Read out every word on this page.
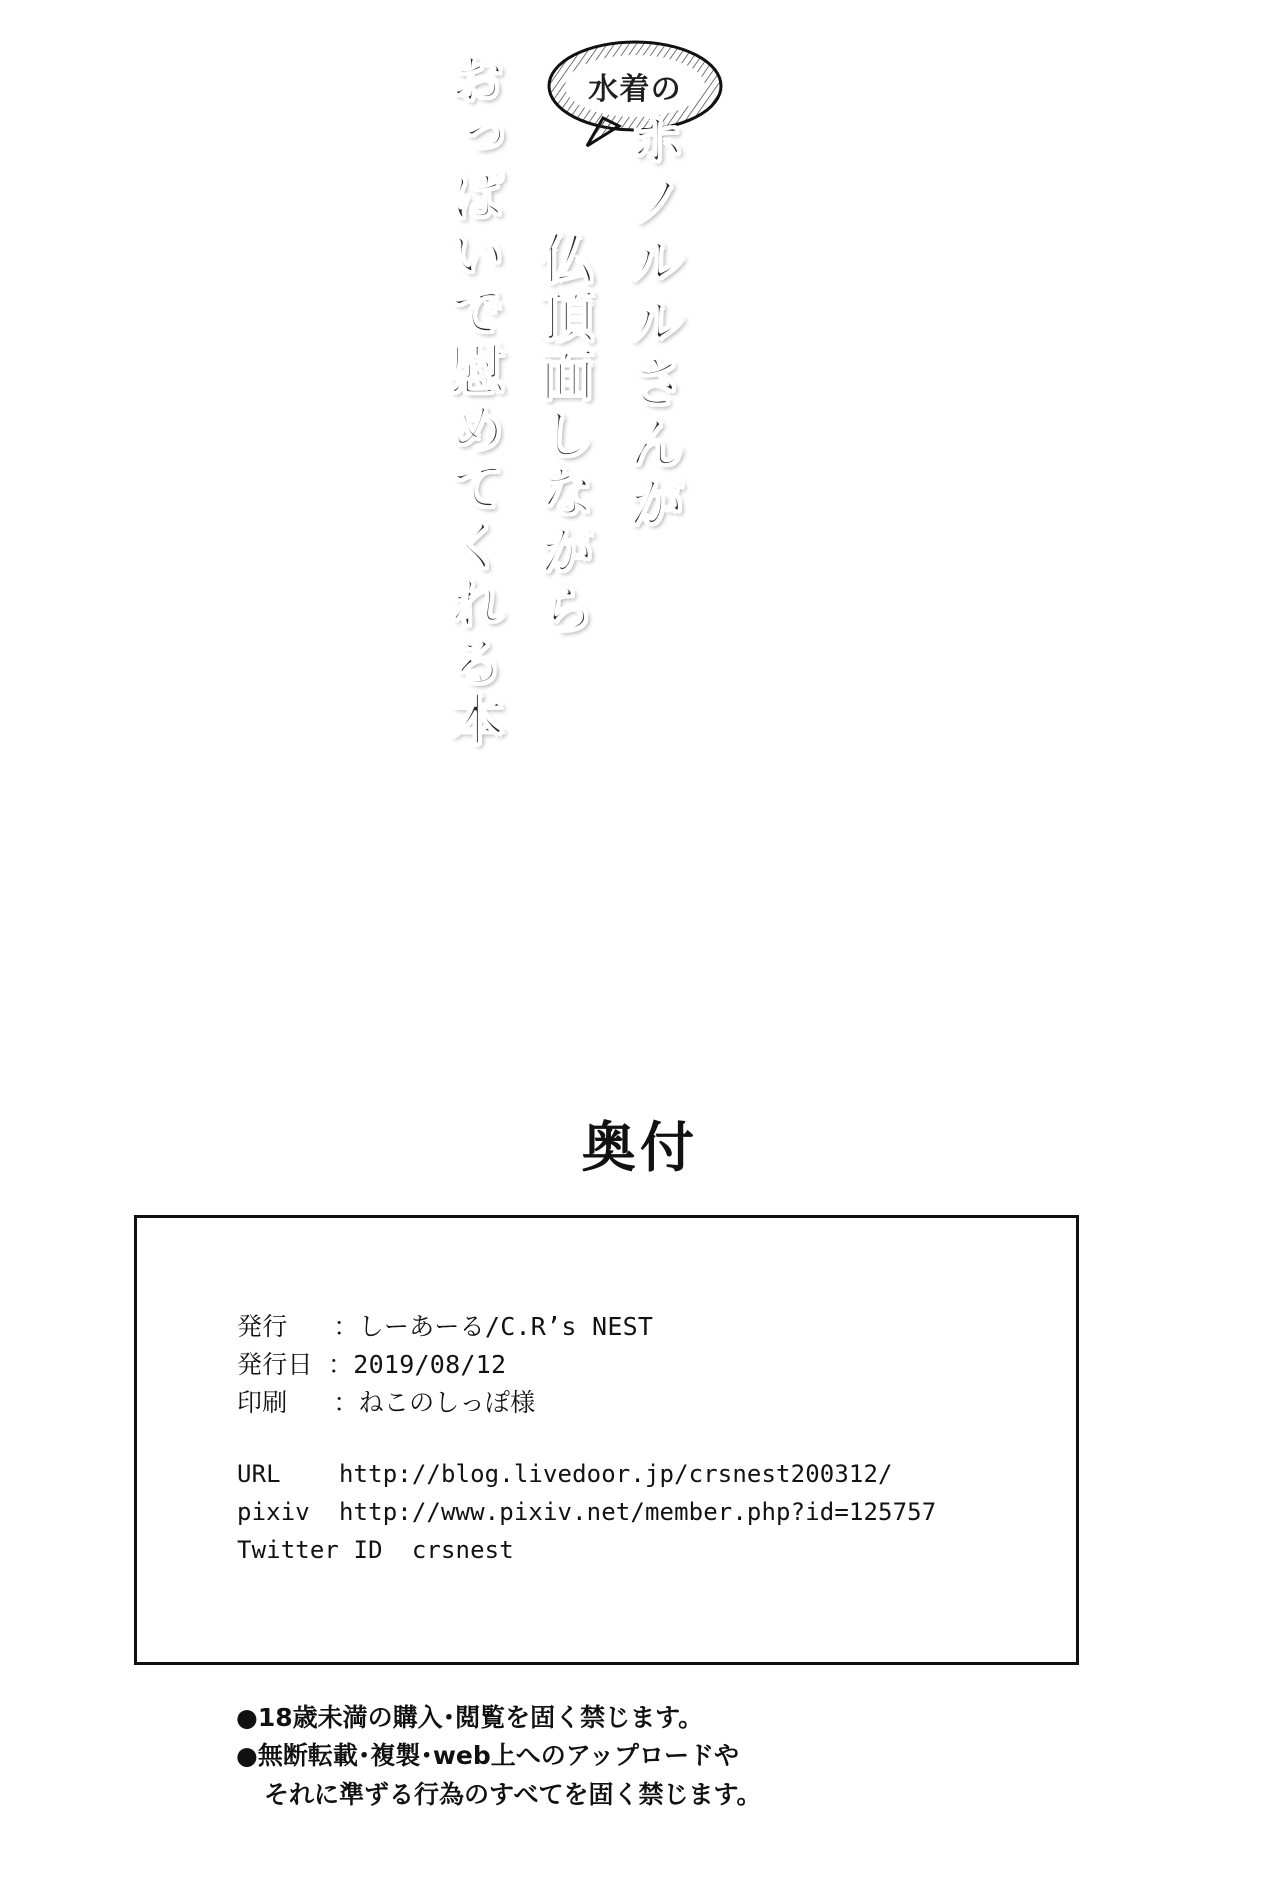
水着の
ホノルルさんが
仏頂面しながら
おっぱいで慰めてくれる本
奥付
発行   ：しーあーる/C.R’s NEST
発行日 ：2019/08/12
印刷   ：ねこのしっぽ様
URL    http://blog.livedoor.jp/crsnest200312/
pixiv  http://www.pixiv.net/member.php?id=125757
Twitter ID  crsnest
●18歳未満の購入･閲覧を固く禁じます。
●無断転載･複製･web上へのアップロードや
それに準ずる行為のすべてを固く禁じます。
